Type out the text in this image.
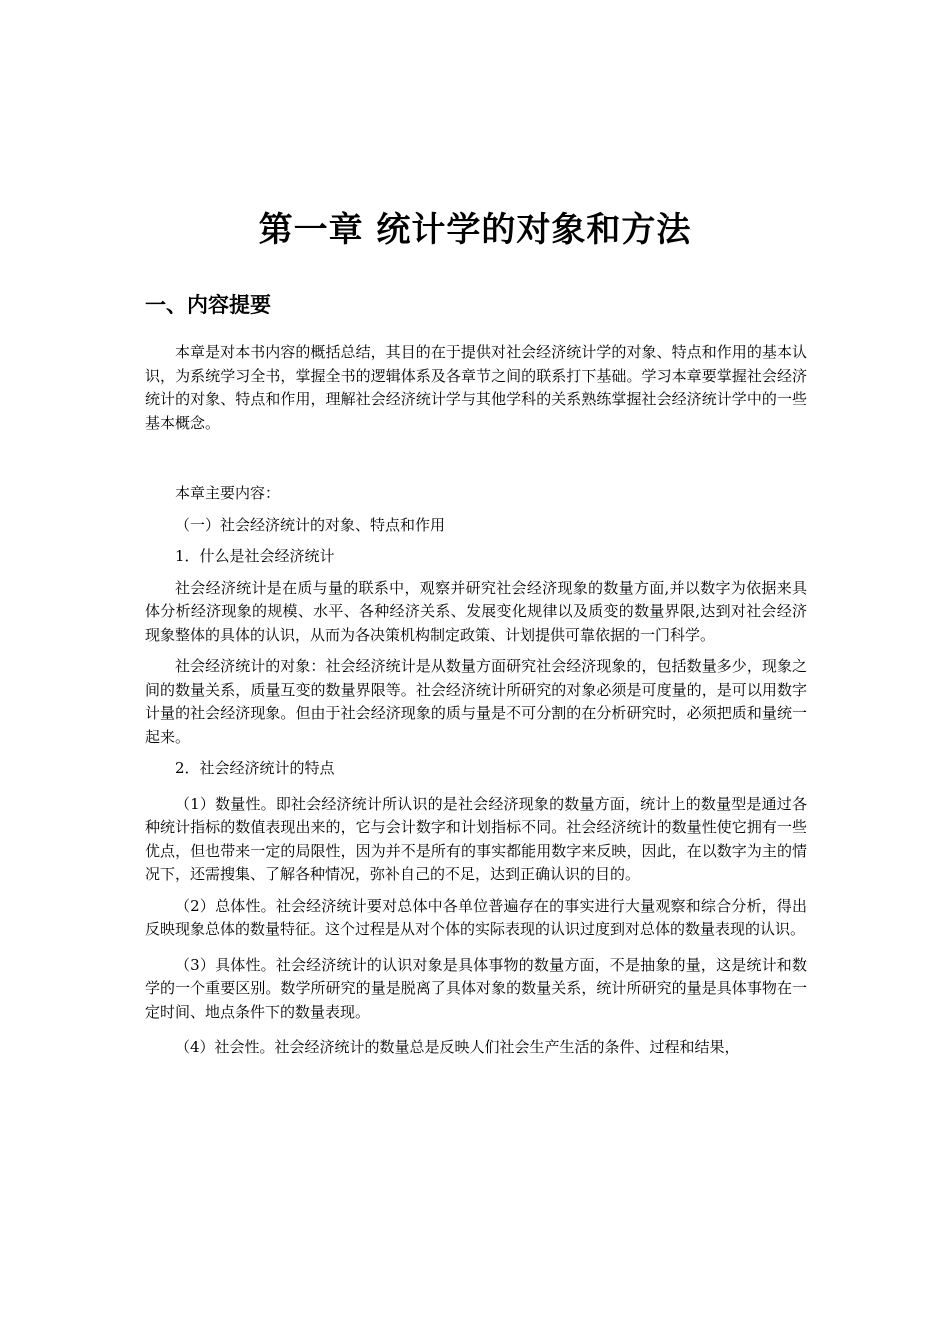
第一章 统计学的对象和方法
一、内容提要

本章是对本书内容的概括总结，其目的在于提供对社会经济统计学的对象、特点和作用的基本认识，为系统学习全书，掌握全书的逻辑体系及各章节之间的联系打下基础。学习本章要掌握社会经济统计的对象、特点和作用，理解社会经济统计学与其他学科的关系熟练掌握社会经济统计学中的一些基本概念。

本章主要内容：

（一）社会经济统计的对象、特点和作用

1．什么是社会经济统计

社会经济统计是在质与量的联系中，观察并研究社会经济现象的数量方面,并以数字为依据来具体分析经济现象的规模、水平、各种经济关系、发展变化规律以及质变的数量界限,达到对社会经济现象整体的具体的认识，从而为各决策机构制定政策、计划提供可靠依据的一门科学。

社会经济统计的对象：社会经济统计是从数量方面研究社会经济现象的，包括数量多少，现象之间的数量关系，质量互变的数量界限等。社会经济统计所研究的对象必须是可度量的，是可以用数字计量的社会经济现象。但由于社会经济现象的质与量是不可分割的在分析研究时，必须把质和量统一起来。

2．社会经济统计的特点

（1）数量性。即社会经济统计所认识的是社会经济现象的数量方面，统计上的数量型是通过各种统计指标的数值表现出来的，它与会计数字和计划指标不同。社会经济统计的数量性使它拥有一些优点，但也带来一定的局限性，因为并不是所有的事实都能用数字来反映，因此，在以数字为主的情况下，还需搜集、了解各种情况，弥补自己的不足，达到正确认识的目的。

（2）总体性。社会经济统计要对总体中各单位普遍存在的事实进行大量观察和综合分析，得出反映现象总体的数量特征。这个过程是从对个体的实际表现的认识过度到对总体的数量表现的认识。

（3）具体性。社会经济统计的认识对象是具体事物的数量方面，不是抽象的量，这是统计和数学的一个重要区别。数学所研究的量是脱离了具体对象的数量关系，统计所研究的量是具体事物在一定时间、地点条件下的数量表现。

（4）社会性。社会经济统计的数量总是反映人们社会生产生活的条件、过程和结果，
